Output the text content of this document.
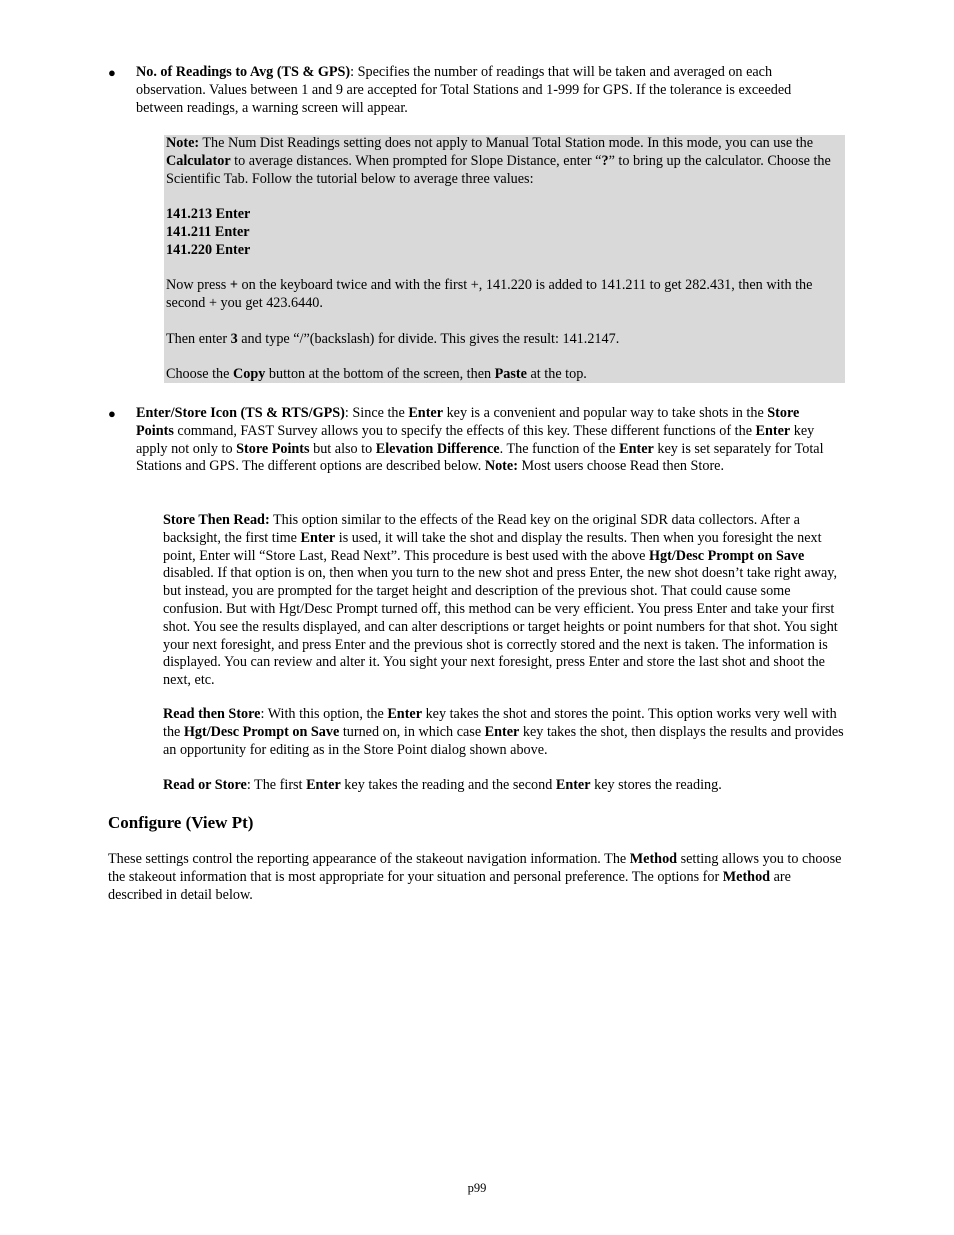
●	No. of Readings to Avg (TS & GPS): Specifies the number of readings that will be taken and averaged on each observation. Values between 1 and 9 are accepted for Total Stations and 1-999 for GPS. If the tolerance is exceeded between readings, a warning screen will appear.

Note: The Num Dist Readings setting does not apply to Manual Total Station mode. In this mode, you can use the Calculator to average distances. When prompted for Slope Distance, enter “?” to bring up the calculator. Choose the Scientific Tab. Follow the tutorial below to average three values:

141.213 Enter
141.211 Enter
141.220 Enter

Now press + on the keyboard twice and with the first +, 141.220 is added to 141.211 to get 282.431, then with the second + you get 423.6440.

Then enter 3 and type “/”(backslash) for divide. This gives the result: 141.2147.

Choose the Copy button at the bottom of the screen, then Paste at the top.

●	Enter/Store Icon (TS & RTS/GPS): Since the Enter key is a convenient and popular way to take shots in the Store Points command, FAST Survey allows you to specify the effects of this key. These different functions of the Enter key apply not only to Store Points but also to Elevation Difference. The function of the Enter key is set separately for Total Stations and GPS. The different options are described below. Note: Most users choose Read then Store.

Store Then Read: This option similar to the effects of the Read key on the original SDR data collectors. After a backsight, the first time Enter is used, it will take the shot and display the results. Then when you foresight the next point, Enter will “Store Last, Read Next”. This procedure is best used with the above Hgt/Desc Prompt on Save disabled. If that option is on, then when you turn to the new shot and press Enter, the new shot doesn’t take right away, but instead, you are prompted for the target height and description of the previous shot. That could cause some confusion. But with Hgt/Desc Prompt turned off, this method can be very efficient. You press Enter and take your first shot. You see the results displayed, and can alter descriptions or target heights or point numbers for that shot. You sight your next foresight, and press Enter and the previous shot is correctly stored and the next is taken. The information is displayed. You can review and alter it. You sight your next foresight, press Enter and store the last shot and shoot the next, etc.

Read then Store: With this option, the Enter key takes the shot and stores the point. This option works very well with the Hgt/Desc Prompt on Save turned on, in which case Enter key takes the shot, then displays the results and provides an opportunity for editing as in the Store Point dialog shown above.

Read or Store: The first Enter key takes the reading and the second Enter key stores the reading.

Configure (View Pt)

These settings control the reporting appearance of the stakeout navigation information. The Method setting allows you to choose the stakeout information that is most appropriate for your situation and personal preference. The options for Method are described in detail below.

p99
